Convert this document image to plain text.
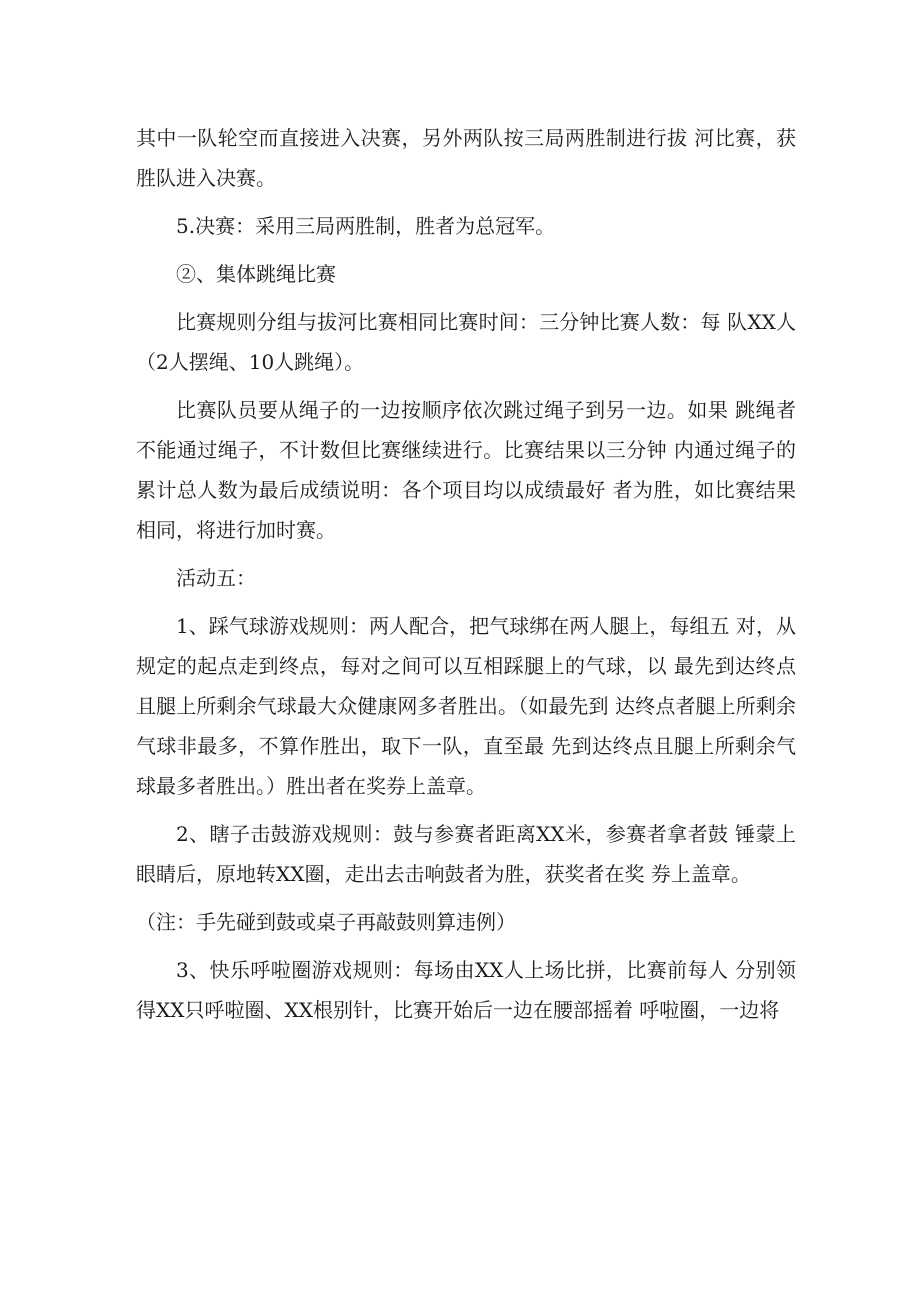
其中一队轮空而直接进入决赛，另外两队按三局两胜制进行拔 河比赛，获胜队进入决赛。

5.决赛：采用三局两胜制，胜者为总冠军。

②、集体跳绳比赛

比赛规则分组与拔河比赛相同比赛时间：三分钟比赛人数：每 队XX人（2人摆绳、10人跳绳）。

比赛队员要从绳子的一边按顺序依次跳过绳子到另一边。如果 跳绳者不能通过绳子，不计数但比赛继续进行。比赛结果以三分钟 内通过绳子的累计总人数为最后成绩说明：各个项目均以成绩最好 者为胜，如比赛结果相同，将进行加时赛。

活动五：

1、踩气球游戏规则：两人配合，把气球绑在两人腿上，每组五 对，从规定的起点走到终点，每对之间可以互相踩腿上的气球，以 最先到达终点且腿上所剩余气球最大众健康网多者胜出。（如最先到 达终点者腿上所剩余气球非最多，不算作胜出，取下一队，直至最 先到达终点且腿上所剩余气球最多者胜出。）胜出者在奖券上盖章。

2、瞎子击鼓游戏规则：鼓与参赛者距离XX米，参赛者拿者鼓 锤蒙上眼睛后，原地转XX圈，走出去击响鼓者为胜，获奖者在奖 券上盖章。

（注：手先碰到鼓或桌子再敲鼓则算违例）

3、快乐呼啦圈游戏规则：每场由XX人上场比拼，比赛前每人 分别领得XX只呼啦圈、XX根别针，比赛开始后一边在腰部摇着 呼啦圈，一边将
